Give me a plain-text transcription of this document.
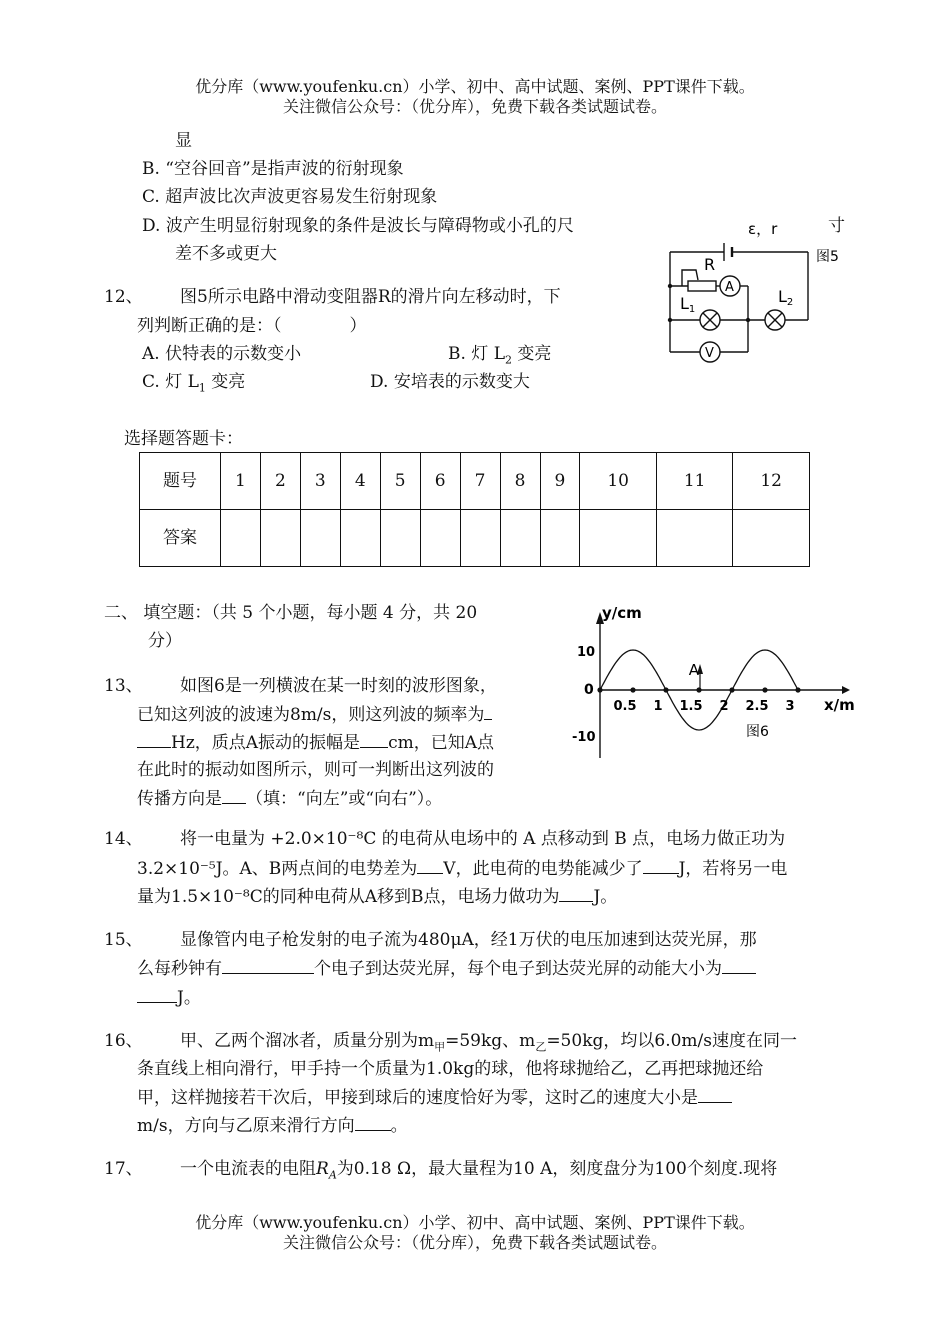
优分库（www.youfenku.cn）小学、初中、高中试题、案例、PPT课件下载。
关注微信公众号：（优分库），免费下载各类试题试卷。
显
B. “空谷回音”是指声波的衍射现象
C. 超声波比次声波更容易发生衍射现象
D. 波产生明显衍射现象的条件是波长与障碍物或小孔的尺	寸
差不多或更大
ε，r
图5
R
A
V
L1
L2
12、 图5所示电路中滑动变阻器R的滑片向左移动时，下
列判断正确的是：（　　　　）
A. 伏特表的示数变小	B. 灯 $L_2$ 变亮
C. 灯 $L_1$ 变亮	D. 安培表的示数变大
选择题答题卡：
题号	1	2	3	4	5	6	7	8	9	10	11	12
答案												
二、 填空题：（共 5 个小题，每小题 4 分，共 20
分）
13、 如图6是一列横波在某一时刻的波形图象，
已知这列波的波速为8m/s，则这列波的频率为
Hz，质点A振动的振幅是 cm，已知A点
在此时的振动如图所示，则可一判断出这列波的
传播方向是 （填：“向左”或“向右”）。
y/cm
x/m
10
0
-10
A
0.5 1 1.5 2 2.5 3
图6
14、 将一电量为 +2.0×10⁻⁸C 的电荷从电场中的 A 点移动到 B 点，电场力做正功为
3.2×10⁻⁵J。A、B两点间的电势差为 V，此电荷的电势能减少了 J，若将另一电
量为1.5×10⁻⁸C的同种电荷从A移到B点，电场力做功为 J。
15、 显像管内电子枪发射的电子流为480μA，经1万伏的电压加速到达荧光屏，那
么每秒钟有	个电子到达荧光屏，每个电子到达荧光屏的动能大小为
J。
16、 甲、乙两个溜冰者，质量分别为$m_甲=59kg$、$m_乙=50kg$，均以6.0m/s速度在同一
条直线上相向滑行，甲手持一个质量为1.0kg的球，他将球抛给乙，乙再把球抛还给
甲，这样抛接若干次后，甲接到球后的速度恰好为零，这时乙的速度大小是
m/s，方向与乙原来滑行方向 。
17、 一个电流表的电阻$R_A$为0.18 Ω，最大量程为10 A，刻度盘分为100个刻度.现将
优分库（www.youfenku.cn）小学、初中、高中试题、案例、PPT课件下载。
关注微信公众号：（优分库），免费下载各类试题试卷。
